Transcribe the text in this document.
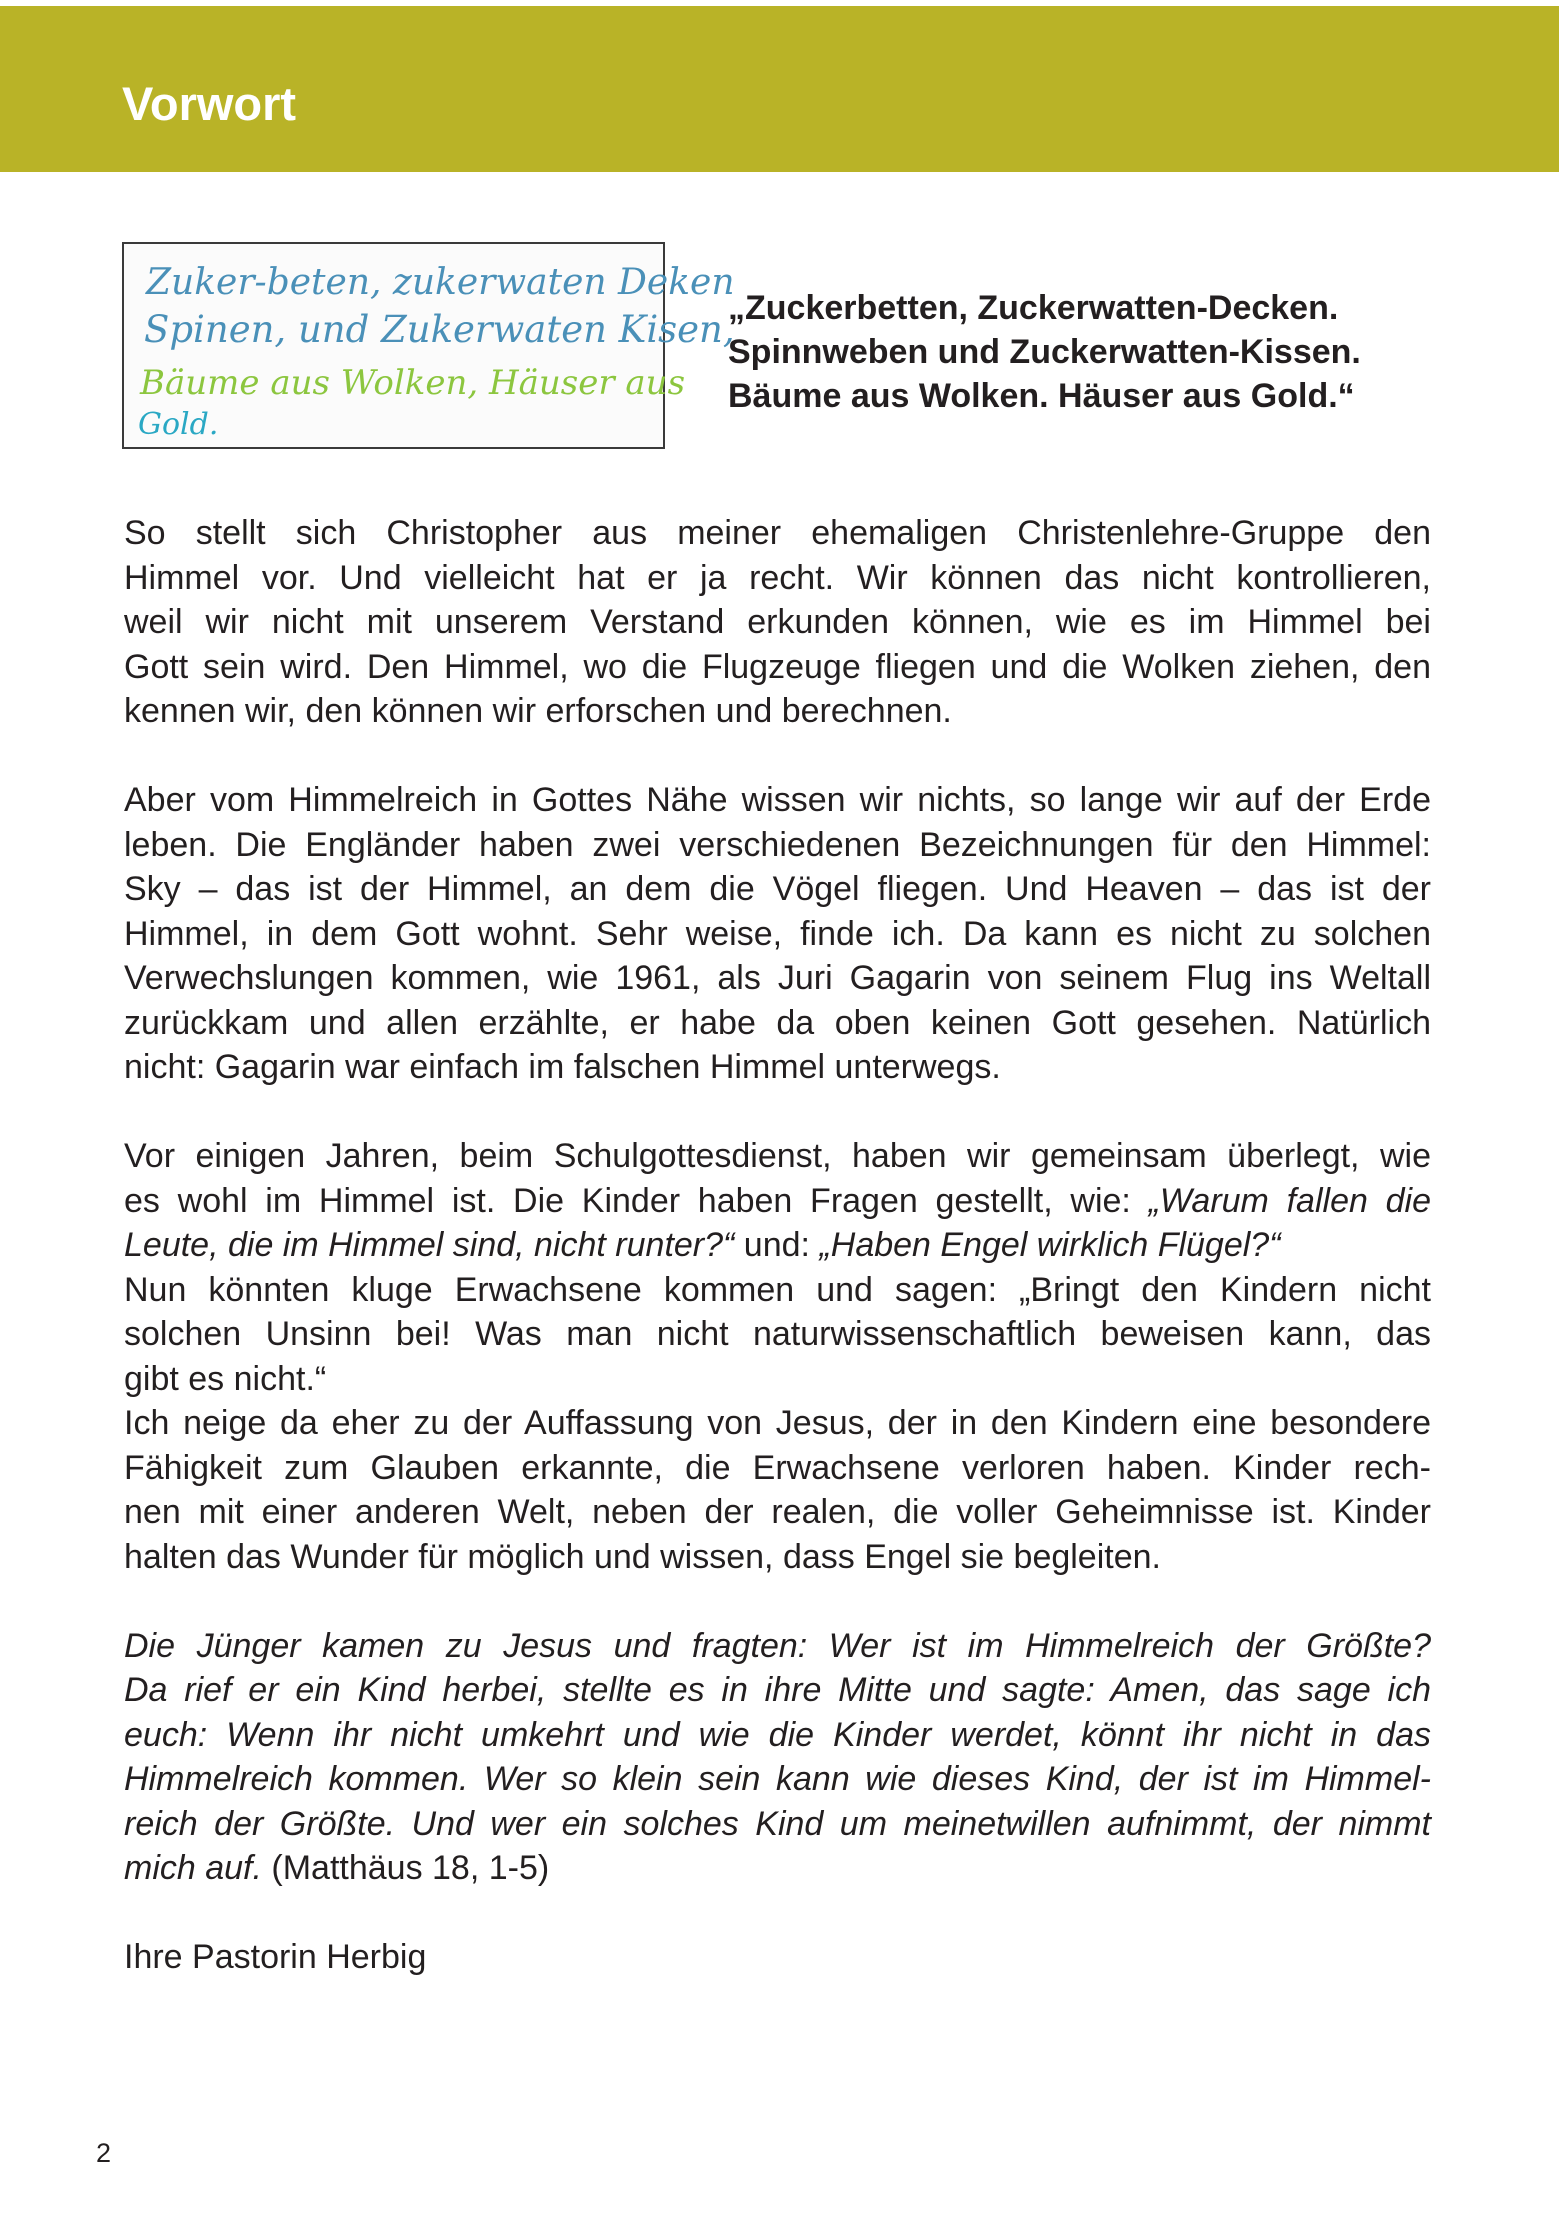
Vorwort
Zuker-beten, zukerwaten Deken
Spinen, und Zukerwaten Kisen,
Bäume aus Wolken, Häuser aus
Gold.
„Zuckerbetten, Zuckerwatten-Decken.
Spinnweben und Zuckerwatten-Kissen.
Bäume aus Wolken. Häuser aus Gold.“
So stellt sich Christopher aus meiner ehemaligen Christenlehre-Gruppe den
Himmel vor. Und vielleicht hat er ja recht. Wir können das nicht kontrollieren,
weil wir nicht mit unserem Verstand erkunden können, wie es im Himmel bei
Gott sein wird. Den Himmel, wo die Flugzeuge fliegen und die Wolken ziehen, den
kennen wir, den können wir erforschen und berechnen.
Aber vom Himmelreich in Gottes Nähe wissen wir nichts, so lange wir auf der Erde
leben. Die Engländer haben zwei verschiedenen Bezeichnungen für den Himmel:
Sky – das ist der Himmel, an dem die Vögel fliegen. Und Heaven – das ist der
Himmel, in dem Gott wohnt. Sehr weise, finde ich. Da kann es nicht zu solchen
Verwechslungen kommen, wie 1961, als Juri Gagarin von seinem Flug ins Weltall
zurückkam und allen erzählte, er habe da oben keinen Gott gesehen. Natürlich
nicht: Gagarin war einfach im falschen Himmel unterwegs.
Vor einigen Jahren, beim Schulgottesdienst, haben wir gemeinsam überlegt, wie
es wohl im Himmel ist. Die Kinder haben Fragen gestellt, wie: „Warum fallen die
Leute, die im Himmel sind, nicht runter?“ und: „Haben Engel wirklich Flügel?“
Nun könnten kluge Erwachsene kommen und sagen: „Bringt den Kindern nicht
solchen Unsinn bei! Was man nicht naturwissenschaftlich beweisen kann, das
gibt es nicht.“
Ich neige da eher zu der Auffassung von Jesus, der in den Kindern eine besondere
Fähigkeit zum Glauben erkannte, die Erwachsene verloren haben. Kinder rech-
nen mit einer anderen Welt, neben der realen, die voller Geheimnisse ist. Kinder
halten das Wunder für möglich und wissen, dass Engel sie begleiten.
Die Jünger kamen zu Jesus und fragten: Wer ist im Himmelreich der Größte?
Da rief er ein Kind herbei, stellte es in ihre Mitte und sagte: Amen, das sage ich
euch: Wenn ihr nicht umkehrt und wie die Kinder werdet, könnt ihr nicht in das
Himmelreich kommen. Wer so klein sein kann wie dieses Kind, der ist im Himmel-
reich der Größte. Und wer ein solches Kind um meinetwillen aufnimmt, der nimmt
mich auf. (Matthäus 18, 1-5)
Ihre Pastorin Herbig
2
